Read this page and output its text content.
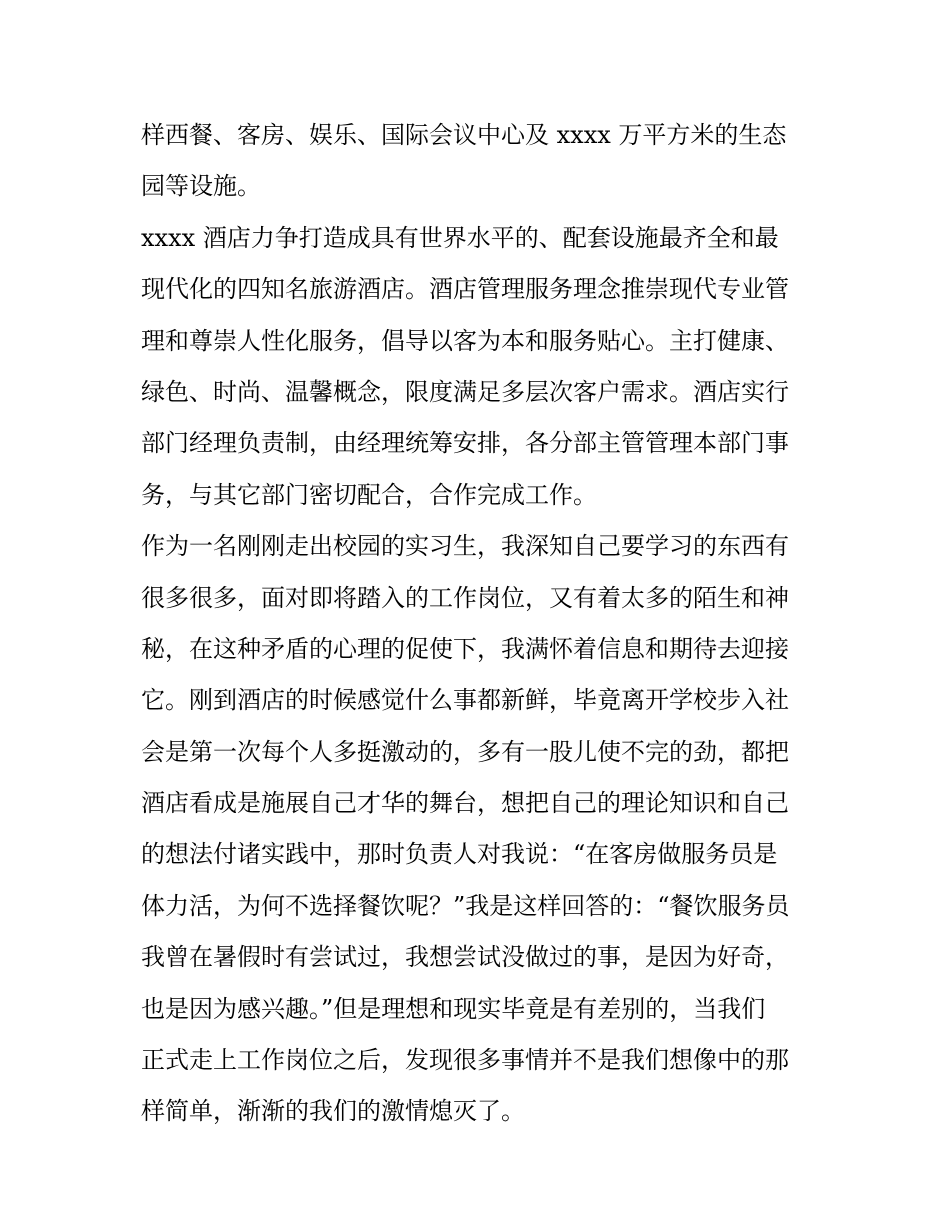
样西餐、客房、娱乐、国际会议中心及 xxxx 万平方米的生态
园等设施。
xxxx 酒店力争打造成具有世界水平的、配套设施最齐全和最
现代化的四知名旅游酒店。酒店管理服务理念推崇现代专业管
理和尊崇人性化服务，倡导以客为本和服务贴心。主打健康、
绿色、时尚、温馨概念，限度满足多层次客户需求。酒店实行
部门经理负责制，由经理统筹安排，各分部主管管理本部门事
务，与其它部门密切配合，合作完成工作。
作为一名刚刚走出校园的实习生，我深知自己要学习的东西有
很多很多，面对即将踏入的工作岗位，又有着太多的陌生和神
秘，在这种矛盾的心理的促使下，我满怀着信息和期待去迎接
它。刚到酒店的时候感觉什么事都新鲜，毕竟离开学校步入社
会是第一次每个人多挺激动的，多有一股儿使不完的劲，都把
酒店看成是施展自己才华的舞台，想把自己的理论知识和自己
的想法付诸实践中，那时负责人对我说：“在客房做服务员是
体力活，为何不选择餐饮呢？”我是这样回答的：“餐饮服务员
我曾在暑假时有尝试过，我想尝试没做过的事，是因为好奇，
也是因为感兴趣。”但是理想和现实毕竟是有差别的，当我们
正式走上工作岗位之后，发现很多事情并不是我们想像中的那
样简单，渐渐的我们的激情熄灭了。
